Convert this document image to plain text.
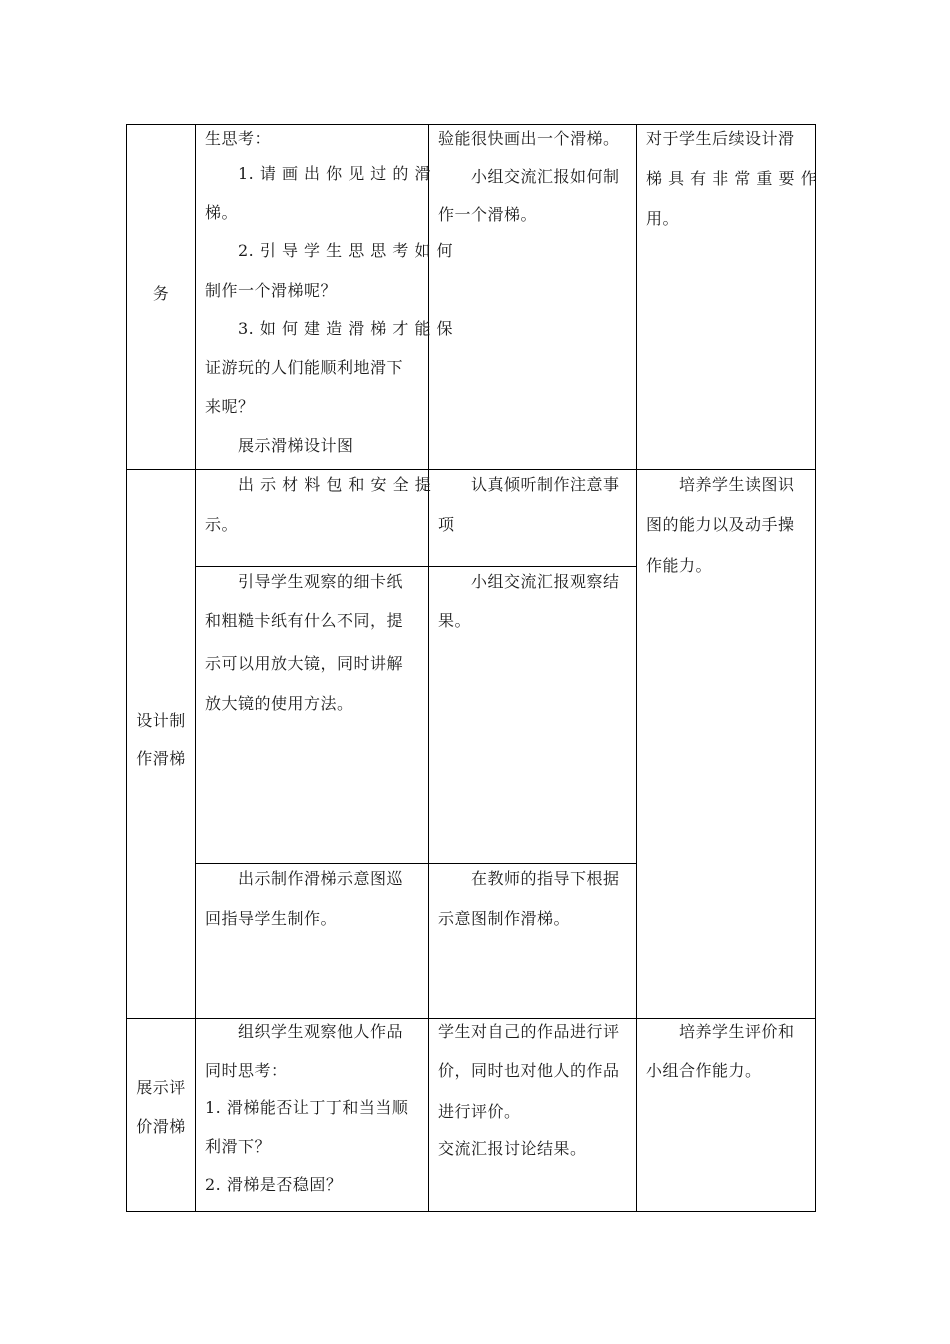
务
生思考：
1. 请 画 出 你 见 过 的 滑
梯。
2. 引 导 学 生 思 思 考 如 何
制作一个滑梯呢？
3. 如 何 建 造 滑 梯 才 能 保
证游玩的人们能顺利地滑下
来呢？
展示滑梯设计图
验能很快画出一个滑梯。
小组交流汇报如何制
作一个滑梯。
对于学生后续设计滑
梯 具 有 非 常 重 要 作
用。
设计制
作滑梯
出 示 材 料 包 和 安 全 提
示。
认真倾听制作注意事
项
引导学生观察的细卡纸
和粗糙卡纸有什么不同，提
示可以用放大镜，同时讲解
放大镜的使用方法。
小组交流汇报观察结
果。
出示制作滑梯示意图巡
回指导学生制作。
在教师的指导下根据
示意图制作滑梯。
培养学生读图识
图的能力以及动手操
作能力。
展示评
价滑梯
组织学生观察他人作品
同时思考：
1. 滑梯能否让丁丁和当当顺
利滑下？
2. 滑梯是否稳固？
学生对自己的作品进行评
价，同时也对他人的作品
进行评价。
交流汇报讨论结果。
培养学生评价和
小组合作能力。
